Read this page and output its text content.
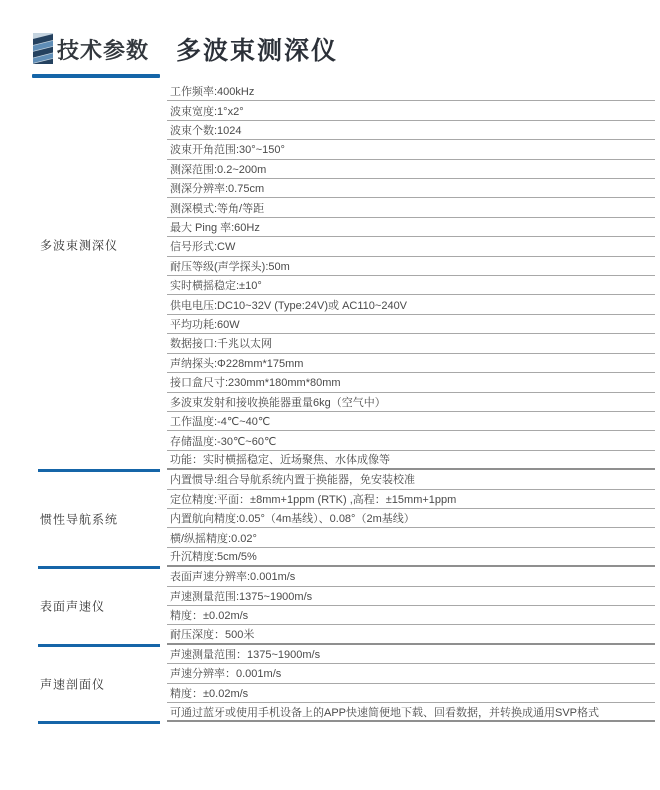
技术参数 多波束测深仪
多波束测深仪
工作频率:400kHz
波束宽度:1°x2°
波束个数:1024
波束开角范围:30°~150°
测深范围:0.2~200m
测深分辨率:0.75cm
测深模式:等角/等距
最大 Ping 率:60Hz
信号形式:CW
耐压等级(声学探头):50m
实时横摇稳定:±10°
供电电压:DC10~32V (Type:24V)或 AC110~240V
平均功耗:60W
数据接口:千兆以太网
声纳探头:Φ228mm*175mm
接口盒尺寸:230mm*180mm*80mm
多波束发射和接收换能器重量6kg（空气中）
工作温度:-4℃~40℃
存储温度:-30℃~60℃
功能：实时横摇稳定、近场聚焦、水体成像等
惯性导航系统
内置惯导:组合导航系统内置于换能器，免安装校准
定位精度:平面：±8mm+1ppm (RTK) ,高程：±15mm+1ppm
内置航向精度:0.05°（4m基线）、0.08°（2m基线）
横/纵摇精度:0.02°
升沉精度:5cm/5%
表面声速仪
表面声速分辨率:0.001m/s
声速测量范围:1375~1900m/s
精度：±0.02m/s
耐压深度：500米
声速剖面仪
声速测量范围：1375~1900m/s
声速分辨率：0.001m/s
精度：±0.02m/s
可通过蓝牙或使用手机设备上的APP快速简便地下载、回看数据，并转换成通用SVP格式
